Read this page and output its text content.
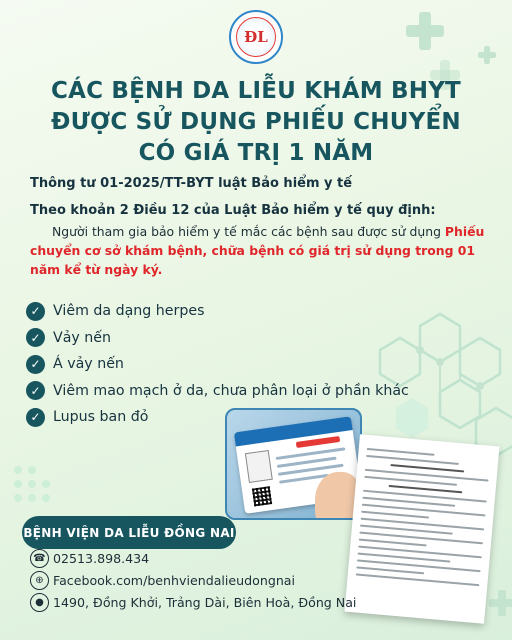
ĐL
CÁC BỆNH DA LIỄU KHÁM BHYT
ĐƯỢC SỬ DỤNG PHIẾU CHUYỂN
CÓ GIÁ TRỊ 1 NĂM
Thông tư 01-2025/TT-BYT luật Bảo hiểm y tế
Theo khoản 2 Điều 12 của Luật Bảo hiểm y tế quy định:

Người tham gia bảo hiểm y tế mắc các bệnh sau được sử dụng Phiếu chuyển cơ sở khám bệnh, chữa bệnh có giá trị sử dụng trong 01 năm kể từ ngày ký.

✓ Viêm da dạng herpes
✓ Vảy nến
✓ Á vảy nến
✓ Viêm mao mạch ở da, chưa phân loại ở phần khác
✓ Lupus ban đỏ
BỆNH VIỆN DA LIỄU ĐỒNG NAI
☎ 02513.898.434
⊕ Facebook.com/benhviendalieudongnai
● 1490, Đồng Khởi, Trảng Dài, Biên Hoà, Đồng Nai
